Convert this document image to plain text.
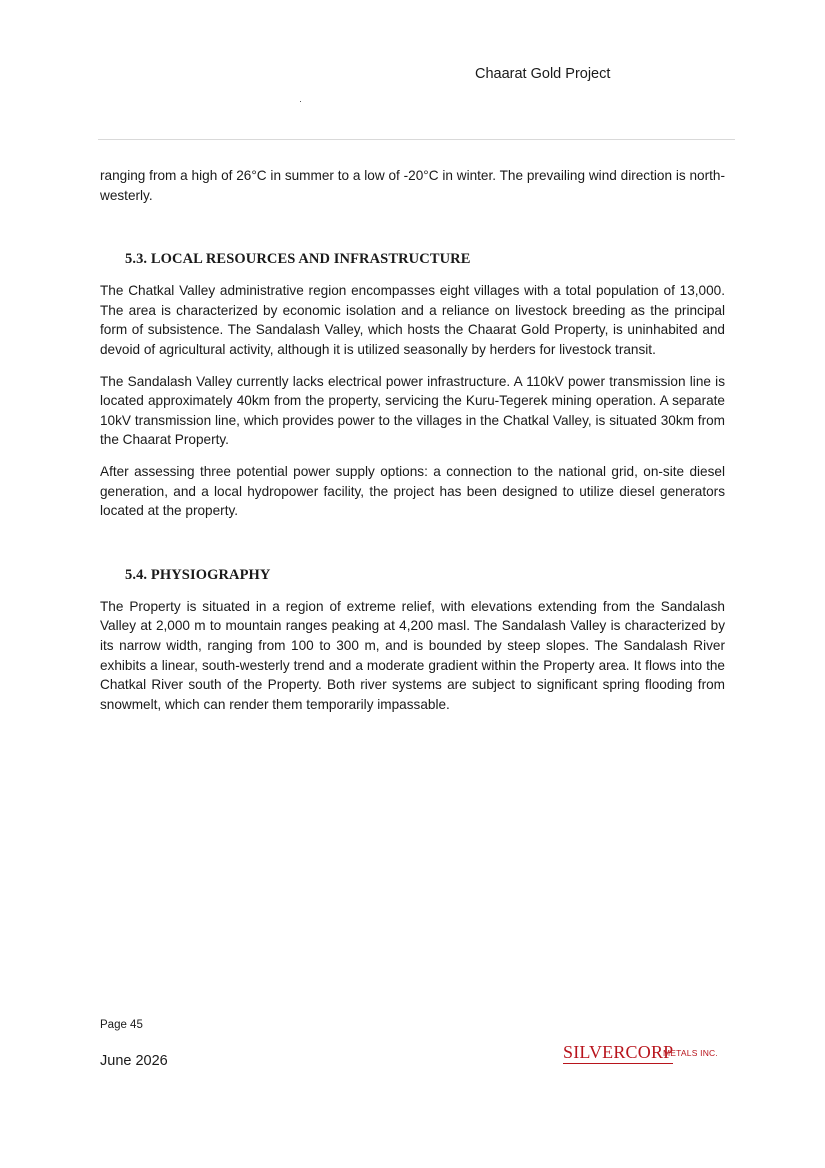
Chaarat Gold Project

ranging from a high of 26°C in summer to a low of -20°C in winter. The prevailing wind direction is north-westerly.

5.3. LOCAL RESOURCES AND INFRASTRUCTURE

The Chatkal Valley administrative region encompasses eight villages with a total population of 13,000. The area is characterized by economic isolation and a reliance on livestock breeding as the principal form of subsistence. The Sandalash Valley, which hosts the Chaarat Gold Property, is uninhabited and devoid of agricultural activity, although it is utilized seasonally by herders for livestock transit.

The Sandalash Valley currently lacks electrical power infrastructure. A 110kV power transmission line is located approximately 40km from the property, servicing the Kuru-Tegerek mining operation. A separate 10kV transmission line, which provides power to the villages in the Chatkal Valley, is situated 30km from the Chaarat Property.

After assessing three potential power supply options: a connection to the national grid, on-site diesel generation, and a local hydropower facility, the project has been designed to utilize diesel generators located at the property.

5.4. PHYSIOGRAPHY

The Property is situated in a region of extreme relief, with elevations extending from the Sandalash Valley at 2,000 m to mountain ranges peaking at 4,200 masl. The Sandalash Valley is characterized by its narrow width, ranging from 100 to 300 m, and is bounded by steep slopes. The Sandalash River exhibits a linear, south-westerly trend and a moderate gradient within the Property area. It flows into the Chatkal River south of the Property. Both river systems are subject to significant spring flooding from snowmelt, which can render them temporarily impassable.

Page 45
June 2026	SILVERCORP
METALS INC.
